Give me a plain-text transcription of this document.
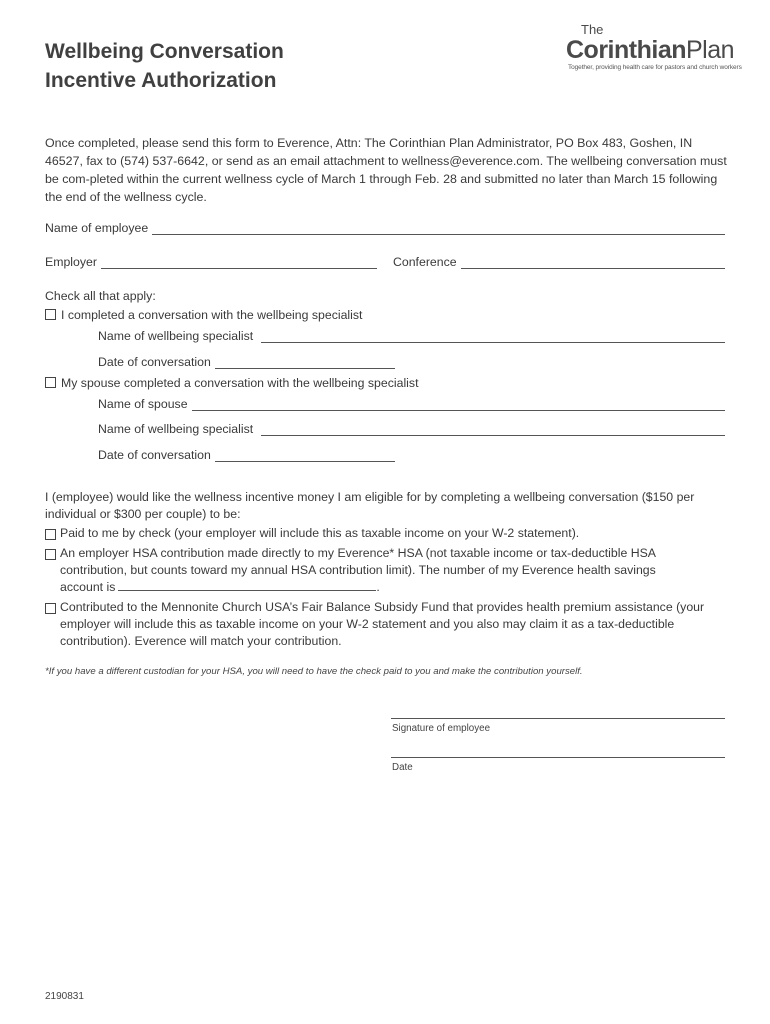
Wellbeing Conversation
Incentive Authorization
The
CorinthianPlan
Together, providing health care for pastors and church workers

Once completed, please send this form to Everence, Attn: The Corinthian Plan Administrator, PO Box 483, Goshen, IN 46527, fax to (574) 537-6642, or send as an email attachment to wellness@everence.com. The wellbeing conversation must be com-pleted within the current wellness cycle of March 1 through Feb. 28 and submitted no later than March 15 following the end of the wellness cycle.

Name of employee
Employer	Conference
Check all that apply:
I completed a conversation with the wellbeing specialist
Name of wellbeing specialist
Date of conversation
My spouse completed a conversation with the wellbeing specialist
Name of spouse
Name of wellbeing specialist
Date of conversation

I (employee) would like the wellness incentive money I am eligible for by completing a wellbeing conversation ($150 per individual or $300 per couple) to be:

Paid to me by check (your employer will include this as taxable income on your W-2 statement).

An employer HSA contribution made directly to my Everence* HSA (not taxable income or tax-deductible HSA contribution, but counts toward my annual HSA contribution limit). The number of my Everence health savings account is	.

Contributed to the Mennonite Church USA’s Fair Balance Subsidy Fund that provides health premium assistance (your employer will include this as taxable income on your W-2 statement and you also may claim it as a tax-deductible contribution). Everence will match your contribution.

*If you have a different custodian for your HSA, you will need to have the check paid to you and make the contribution yourself.
Signature of employee
Date
2190831
